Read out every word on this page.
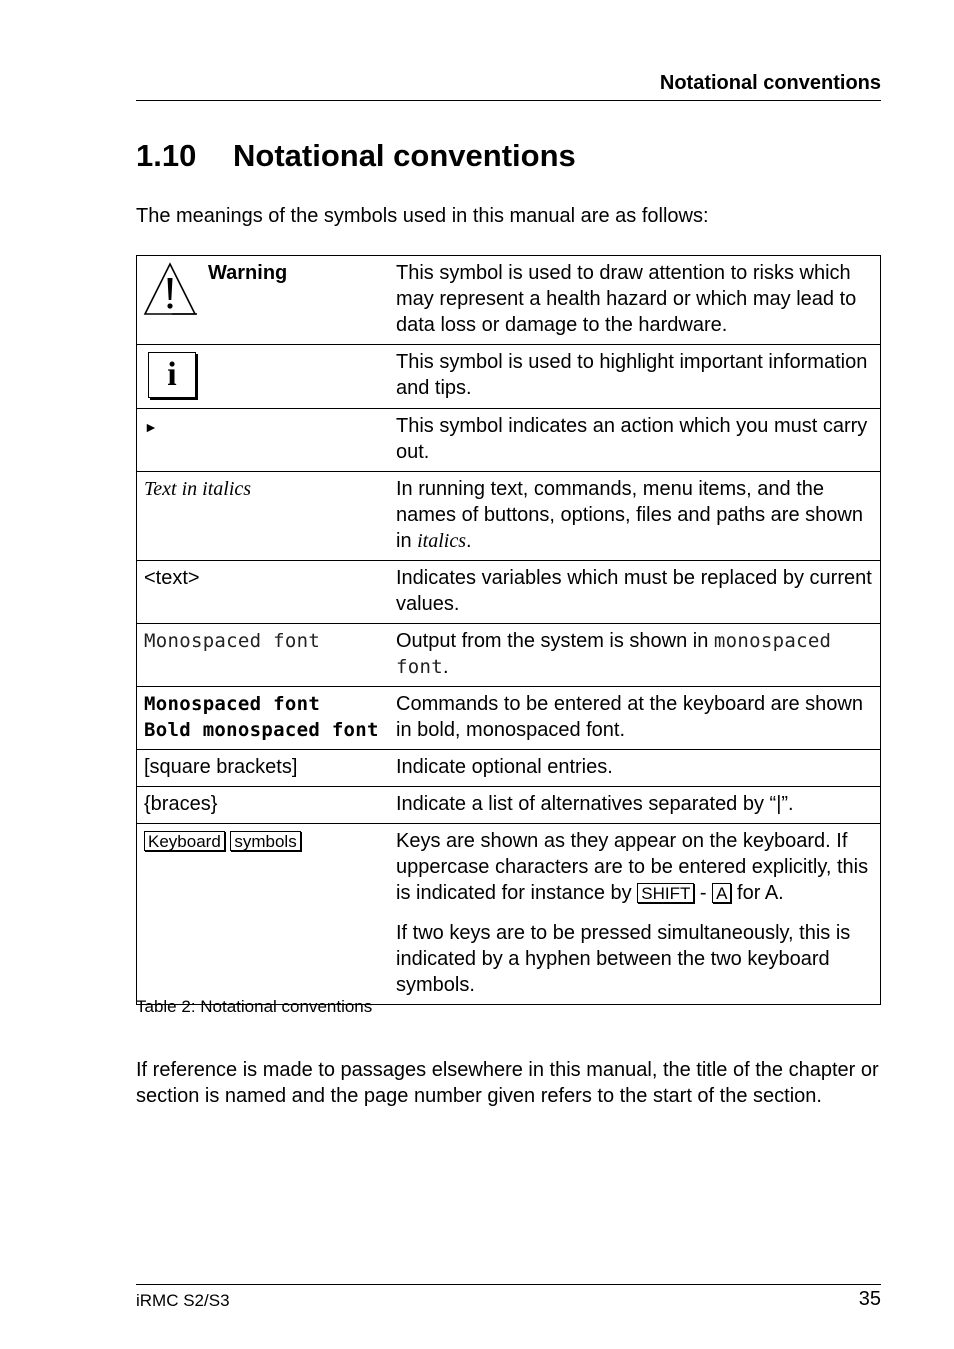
Notational conventions
1.10 Notational conventions

The meanings of the symbols used in this manual are as follows:

Warning	This symbol is used to draw attention to risks which may represent a health hazard or which may lead to data loss or damage to the hardware.

i	This symbol is used to highlight important information and tips.
►	This symbol indicates an action which you must carry out.
Text in italics	In running text, commands, menu items, and the names of buttons, options, files and paths are shown in italics.
<text>	Indicates variables which must be replaced by current values.
Monospaced font	Output from the system is shown in monospaced font.

Monospaced font
Bold monospaced font	Commands to be entered at the keyboard are shown in bold, monospaced font.
[square brackets]	Indicate optional entries.
{braces}	Indicate a list of alternatives separated by “|”.
Keyboard symbols	Keys are shown as they appear on the keyboard. If uppercase characters are to be entered explicitly, this is indicated for instance by SHIFT - A for A.
If two keys are to be pressed simultaneously, this is indicated by a hyphen between the two keyboard symbols.
Table 2: Notational conventions

If reference is made to passages elsewhere in this manual, the title of the chapter or section is named and the page number given refers to the start of the section.

iRMC S2/S3	35
